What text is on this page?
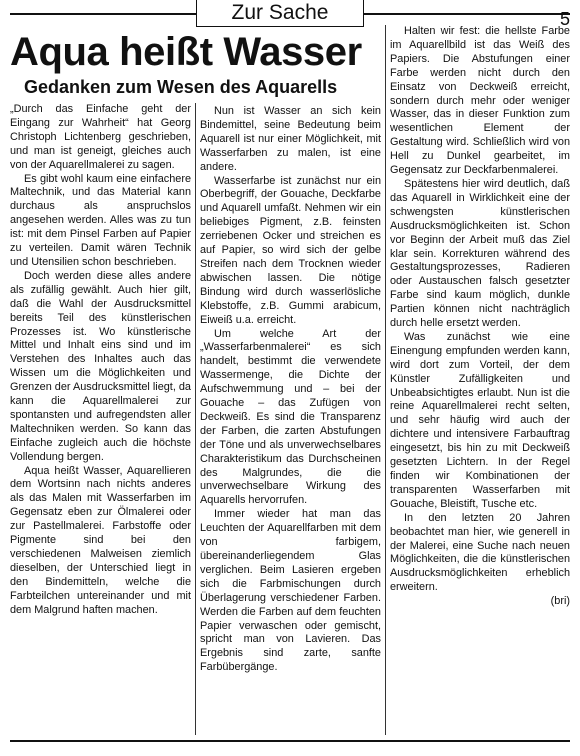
Zur Sache	5
Aqua heißt Wasser
Gedanken zum Wesen des Aquarells

„Durch das Einfache geht der Eingang zur Wahrheit“ hat Georg Christoph Lichtenberg geschrieben, und man ist geneigt, gleiches auch von der Aquarellmalerei zu sagen.

Es gibt wohl kaum eine einfachere Maltechnik, und das Material kann durchaus als anspruchslos angesehen werden. Alles was zu tun ist: mit dem Pinsel Farben auf Papier zu verteilen. Damit wären Technik und Utensilien schon beschrieben.

Doch werden diese alles andere als zufällig gewählt. Auch hier gilt, daß die Wahl der Ausdrucksmittel bereits Teil des künstlerischen Prozesses ist. Wo künstlerische Mittel und Inhalt eins sind und im Verstehen des Inhaltes auch das Wissen um die Möglichkeiten und Grenzen der Ausdrucksmittel liegt, da kann die Aquarellmalerei zur spontansten und aufregendsten aller Maltechniken werden. So kann das Einfache zugleich auch die höchste Vollendung bergen.

Aqua heißt Wasser, Aquarellieren dem Wortsinn nach nichts anderes als das Malen mit Wasserfarben im Gegensatz eben zur Ölmalerei oder zur Pastellmalerei. Farbstoffe oder Pigmente sind bei den verschiedenen Malweisen ziemlich dieselben, der Unterschied liegt in den Bindemitteln, welche die Farbteilchen untereinander und mit dem Malgrund haften machen.

Nun ist Wasser an sich kein Bindemittel, seine Bedeutung beim Aquarell ist nur einer Möglichkeit, mit Wasserfarben zu malen, ist eine andere.

Wasserfarbe ist zunächst nur ein Oberbegriff, der Gouache, Deckfarbe und Aquarell umfaßt. Nehmen wir ein beliebiges Pigment, z.B. feinsten zerriebenen Ocker und streichen es auf Papier, so wird sich der gelbe Streifen nach dem Trocknen wieder abwischen lassen. Die nötige Bindung wird durch wasserlösliche Klebstoffe, z.B. Gummi arabicum, Eiweiß u.a. erreicht.

Um welche Art der „Wasserfarbenmalerei“ es sich handelt, bestimmt die verwendete Wassermenge, die Dichte der Aufschwemmung und – bei der Gouache – das Zufügen von Deckweiß. Es sind die Transparenz der Farben, die zarten Abstufungen der Töne und als unverwechselbares Charakteristikum das Durchscheinen des Malgrundes, die die unverwechselbare Wirkung des Aquarells hervorrufen.

Immer wieder hat man das Leuchten der Aquarellfarben mit dem von farbigem, übereinanderliegendem Glas verglichen. Beim Lasieren ergeben sich die Farbmischungen durch Überlagerung verschiedener Farben. Werden die Farben auf dem feuchten Papier verwaschen oder gemischt, spricht man von Lavieren. Das Ergebnis sind zarte, sanfte Farbübergänge.

Halten wir fest: die hellste Farbe im Aquarellbild ist das Weiß des Papiers. Die Abstufungen einer Farbe werden nicht durch den Einsatz von Deckweiß erreicht, sondern durch mehr oder weniger Wasser, das in dieser Funktion zum wesentlichen Element der Gestaltung wird. Schließlich wird von Hell zu Dunkel gearbeitet, im Gegensatz zur Deckfarbenmalerei.

Spätestens hier wird deutlich, daß das Aquarell in Wirklichkeit eine der schwengsten künstlerischen Ausdrucksmöglichkeiten ist. Schon vor Beginn der Arbeit muß das Ziel klar sein. Korrekturen während des Gestaltungsprozesses, Radieren oder Austauschen falsch gesetzter Farbe sind kaum möglich, dunkle Partien können nicht nachträglich durch helle ersetzt werden.

Was zunächst wie eine Einengung empfunden werden kann, wird dort zum Vorteil, der dem Künstler Zufälligkeiten und Unbeabsichtigtes erlaubt. Nun ist die reine Aquarellmalerei recht selten, und sehr häufig wird auch der dichtere und intensivere Farbauftrag eingesetzt, bis hin zu mit Deckweiß gesetzten Lichtern. In der Regel finden wir Kombinationen der transparenten Wasserfarben mit Gouache, Bleistift, Tusche etc.

In den letzten 20 Jahren beobachtet man hier, wie generell in der Malerei, eine Suche nach neuen Möglichkeiten, die die künstlerischen Ausdrucksmöglichkeiten erheblich erweitern.

(bri)
